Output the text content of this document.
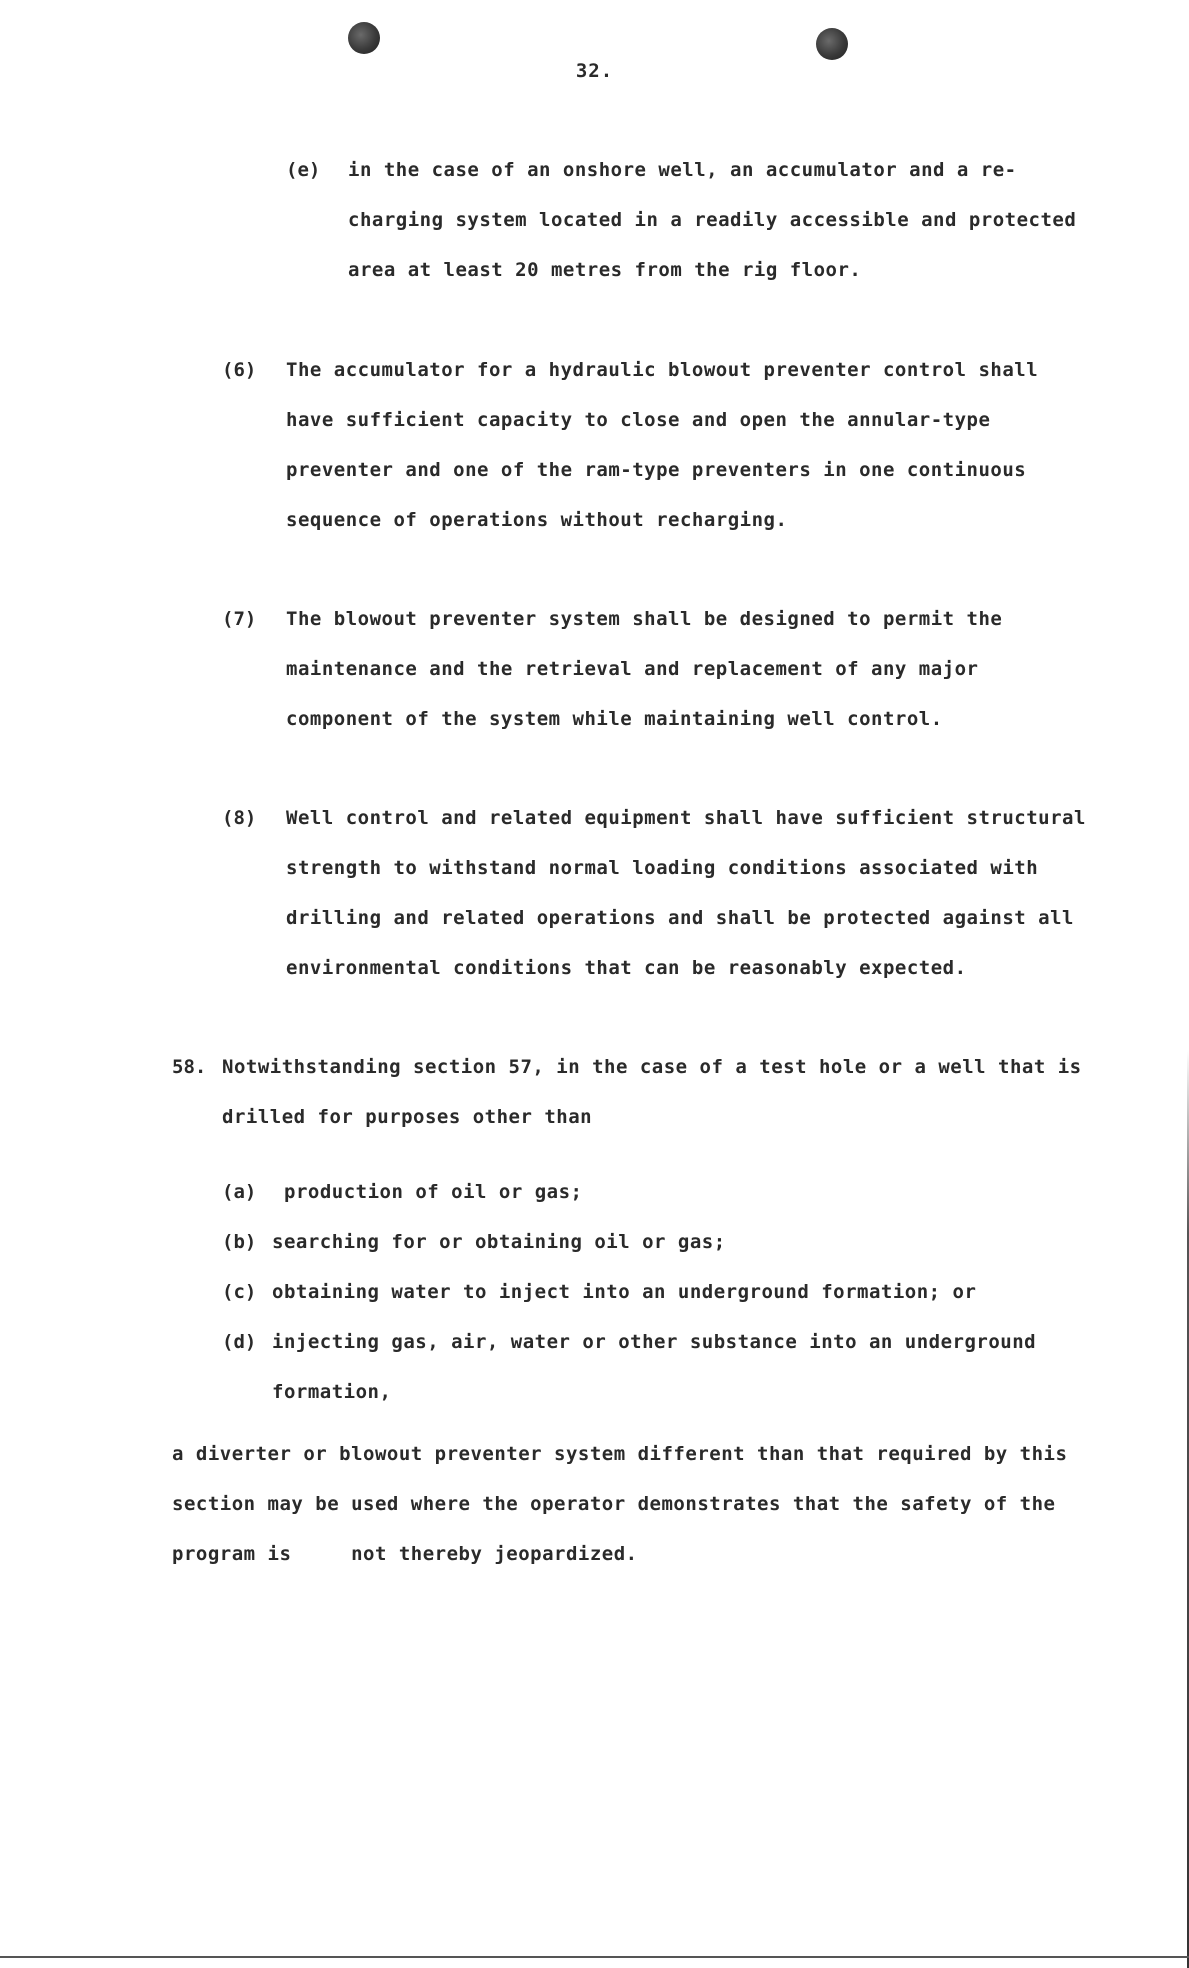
32.
(e) in the case of an onshore well, an accumulator and a re-
charging system located in a readily accessible and protected
area at least 20 metres from the rig floor.
(6) The accumulator for a hydraulic blowout preventer control shall
have sufficient capacity to close and open the annular-type
preventer and one of the ram-type preventers in one continuous
sequence of operations without recharging.
(7) The blowout preventer system shall be designed to permit the
maintenance and the retrieval and replacement of any major
component of the system while maintaining well control.
(8) Well control and related equipment shall have sufficient structural
strength to withstand normal loading conditions associated with
drilling and related operations and shall be protected against all
environmental conditions that can be reasonably expected.
58. Notwithstanding section 57, in the case of a test hole or a well that is
drilled for purposes other than
(a) production of oil or gas;
(b) searching for or obtaining oil or gas;
(c) obtaining water to inject into an underground formation; or
(d) injecting gas, air, water or other substance into an underground
formation,
a diverter or blowout preventer system different than that required by this
section may be used where the operator demonstrates that the safety of the
program is     not thereby jeopardized.
